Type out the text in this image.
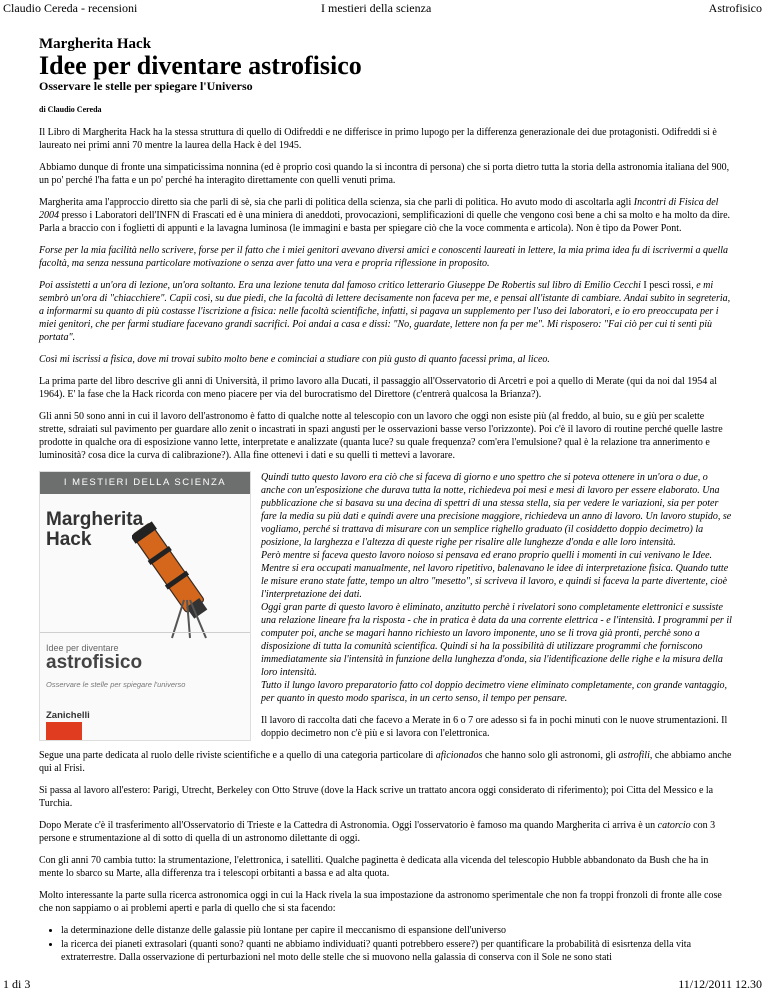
Claudio Cereda - recensioni	I mestieri della scienza	Astrofisico
Margherita Hack
Idee per diventare astrofisico
Osservare le stelle per spiegare l'Universo
di Claudio Cereda

Il Libro di Margherita Hack ha la stessa struttura di quello di Odifreddi e ne differisce in primo lupogo per la differenza generazionale dei due protagonisti. Odifreddi si è laureato nei primi anni 70 mentre la laurea della Hack è del 1945.

Abbiamo dunque di fronte una simpaticissima nonnina (ed è proprio così quando la si incontra di persona) che si porta dietro tutta la storia della astronomia italiana del 900, un po' perché l'ha fatta e un po' perché ha interagito direttamente con quelli venuti prima.

Margherita ama l'approccio diretto sia che parli di sè, sia che parli di politica della scienza, sia che parli di politica. Ho avuto modo di ascoltarla agli Incontri di Fisica del 2004 presso i Laboratori dell'INFN di Frascati ed è una miniera di aneddoti, provocazioni, semplificazioni di quelle che vengono così bene a chi sa molto e ha molto da dire. Parla a braccio con i foglietti di appunti e la lavagna luminosa (le immagini e basta per spiegare ciò che la voce commenta e articola). Non è tipo da Power Pont.

Forse per la mia facilità nello scrivere, forse per il fatto che i miei genitori avevano diversi amici e conoscenti laureati in lettere, la mia prima idea fu di iscrivermi a quella facoltà, ma senza nessuna particolare motivazione o senza aver fatto una vera e propria riflessione in proposito.

Poi assistetti a un'ora di lezione, un'ora soltanto. Era una lezione tenuta dal famoso critico letterario Giuseppe De Robertis sul libro di Emilio Cecchi I pesci rossi, e mi sembrò un'ora di "chiacchiere". Capii così, su due piedi, che la facoltà di lettere decisamente non faceva per me, e pensai all'istante di cambiare. Andai subito in segreteria, a informarmi su quanto di più costasse l'iscrizione a fisica: nelle facoltà scientifiche, infatti, si pagava un supplemento per l'uso dei laboratori, e io ero preoccupata per i miei genitori, che per farmi studiare facevano grandi sacrifici. Poi andai a casa e dissi: "No, guardate, lettere non fa per me". Mi risposero: "Fai ciò per cui ti senti più portata".

Così mi iscrissi a fisica, dove mi trovai subito molto bene e cominciai a studiare con più gusto di quanto facessi prima, al liceo.

La prima parte del libro descrive gli anni di Università, il primo lavoro alla Ducati, il passaggio all'Osservatorio di Arcetri e poi a quello di Merate (qui da noi dal 1954 al 1964). E' la fase che la Hack ricorda con meno piacere per via del burocratismo del Direttore (c'entrerà qualcosa la Brianza?).

Gli anni 50 sono anni in cui il lavoro dell'astronomo è fatto di qualche notte al telescopio con un lavoro che oggi non esiste più (al freddo, al buio, su e giù per scalette strette, sdraiati sul pavimento per guardare allo zenit o incastrati in spazi angusti per le osservazioni basse verso l'orizzonte). Poi c'è il lavoro di routine perché quelle lastre prodotte in qualche ora di esposizione vanno lette, interpretate e analizzate (quanta luce? su quale frequenza? com'era l'emulsione? qual è la relazione tra annerimento e luminosità? cosa dice la curva di calibrazione?). Alla fine ottenevi i dati e su quelli ti mettevi a lavorare.

I MESTIERI DELLA SCIENZA
Margherita
Hack
Idee per diventare
astrofisico
Osservare le stelle per spiegare l'universo
Zanichelli

Quindi tutto questo lavoro era ciò che si faceva di giorno e uno spettro che si poteva ottenere in un'ora o due, o anche con un'esposizione che durava tutta la notte, richiedeva poi mesi e mesi di lavoro per essere elaborato. Una pubblicazione che si basava su una decina di spettri di una stessa stella, sia per vedere le variazioni, sia per poter fare la media su più dati e quindi avere una precisione maggiore, richiedeva un anno di lavoro. Un lavoro stupido, se vogliamo, perché si trattava di misurare con un semplice righello graduato (il cosiddetto doppio decimetro) la posizione, la larghezza e l'altezza di queste righe per risalire alle lunghezze d'onda e alle loro intensità.
Però mentre si faceva questo lavoro noioso si pensava ed erano proprio quelli i momenti in cui venivano le Idee. Mentre si era occupati manualmente, nel lavoro ripetitivo, balenavano le idee di interpretazione fisica. Quando tutte le misure erano state fatte, tempo un altro "mesetto", si scriveva il lavoro, e quindi si faceva la parte divertente, cioè l'interpretazione dei dati.
Oggi gran parte di questo lavoro è eliminato, anzitutto perchè i rivelatori sono completamente elettronici e sussiste una relazione lineare fra la risposta - che in pratica è data da una corrente elettrica - e l'intensità. I programmi per il computer poi, anche se magari hanno richiesto un lavoro imponente, uno se li trova già pronti, perchè sono a disposizione di tutta la comunità scientifica. Quindi si ha la possibilità di utilizzare programmi che forniscono immediatamente sia l'intensità in funzione della lunghezza d'onda, sia l'identificazione delle righe e la misura della loro intensità.
Tutto il lungo lavoro preparatorio fatto col doppio decimetro viene eliminato completamente, con grande vantaggio, per quanto in questo modo sparisca, in un certo senso, il tempo per pensare.

Il lavoro di raccolta dati che facevo a Merate in 6 o 7 ore adesso si fa in pochi minuti con le nuove strumentazioni. Il doppio decimetro non c'è più e si lavora con l'elettronica.

Segue una parte dedicata al ruolo delle riviste scientifiche e a quello di una categoria particolare di aficionados che hanno solo gli astronomi, gli astrofili, che abbiamo anche qui al Frisi.

Si passa al lavoro all'estero: Parigi, Utrecht, Berkeley con Otto Struve (dove la Hack scrive un trattato ancora oggi considerato di riferimento); poi Citta del Messico e la Turchia.

Dopo Merate c'è il trasferimento all'Osservatorio di Trieste e la Cattedra di Astronomia. Oggi l'osservatorio è famoso ma quando Margherita ci arriva è un catorcio con 3 persone e strumentazione al di sotto di quella di un astronomo dilettante di oggi.

Con gli anni 70 cambia tutto: la strumentazione, l'elettronica, i satelliti. Qualche paginetta è dedicata alla vicenda del telescopio Hubble abbandonato da Bush che ha in mente lo sbarco su Marte, alla differenza tra i telescopi orbitanti a bassa e ad alta quota.

Molto interessante la parte sulla ricerca astronomica oggi in cui la Hack rivela la sua impostazione da astronomo sperimentale che non fa troppi fronzoli di fronte alle cose che non sappiamo o ai problemi aperti e parla di quello che si sta facendo:

• la determinazione delle distanze delle galassie più lontane per capire il meccanismo di espansione dell'universo
• la ricerca dei pianeti extrasolari (quanti sono? quanti ne abbiamo individuati? quanti potrebbero essere?) per quantificare la probabilità di esisrtenza della vita extraterrestre. Dalla osservazione di perturbazioni nel moto delle stelle che si muovono nella galassia di conserva con il Sole ne sono stati
1 di 3	11/12/2011 12.30
